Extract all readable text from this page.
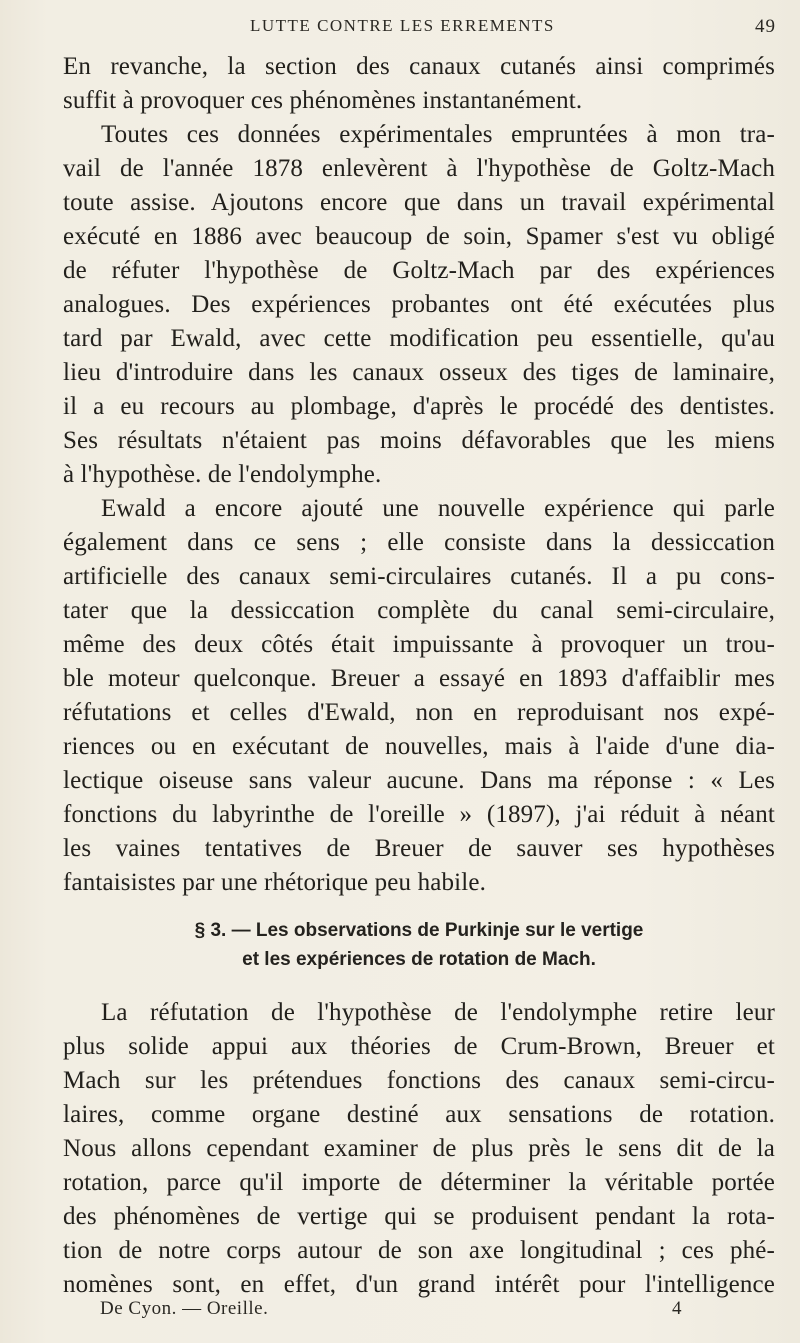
LUTTE CONTRE LES ERREMENTS	49
En revanche, la section des canaux cutanés ainsi comprimés
suffit à provoquer ces phénomènes instantanément.
Toutes ces données expérimentales empruntées à mon tra-
vail de l'année 1878 enlevèrent à l'hypothèse de Goltz-Mach
toute assise. Ajoutons encore que dans un travail expérimental
exécuté en 1886 avec beaucoup de soin, Spamer s'est vu obligé
de réfuter l'hypothèse de Goltz-Mach par des expériences
analogues. Des expériences probantes ont été exécutées plus
tard par Ewald, avec cette modification peu essentielle, qu'au
lieu d'introduire dans les canaux osseux des tiges de laminaire,
il a eu recours au plombage, d'après le procédé des dentistes.
Ses résultats n'étaient pas moins défavorables que les miens
à l'hypothèse. de l'endolymphe.
Ewald a encore ajouté une nouvelle expérience qui parle
également dans ce sens ; elle consiste dans la dessiccation
artificielle des canaux semi-circulaires cutanés. Il a pu cons-
tater que la dessiccation complète du canal semi-circulaire,
même des deux côtés était impuissante à provoquer un trou-
ble moteur quelconque. Breuer a essayé en 1893 d'affaiblir mes
réfutations et celles d'Ewald, non en reproduisant nos expé-
riences ou en exécutant de nouvelles, mais à l'aide d'une dia-
lectique oiseuse sans valeur aucune. Dans ma réponse : « Les
fonctions du labyrinthe de l'oreille » (1897), j'ai réduit à néant
les vaines tentatives de Breuer de sauver ses hypothèses
fantaisistes par une rhétorique peu habile.
§ 3. — Les observations de Purkinje sur le vertige
et les expériences de rotation de Mach.
La réfutation de l'hypothèse de l'endolymphe retire leur
plus solide appui aux théories de Crum-Brown, Breuer et
Mach sur les prétendues fonctions des canaux semi-circu-
laires, comme organe destiné aux sensations de rotation.
Nous allons cependant examiner de plus près le sens dit de la
rotation, parce qu'il importe de déterminer la véritable portée
des phénomènes de vertige qui se produisent pendant la rota-
tion de notre corps autour de son axe longitudinal ; ces phé-
nomènes sont, en effet, d'un grand intérêt pour l'intelligence
De Cyon. — Oreille.	4
